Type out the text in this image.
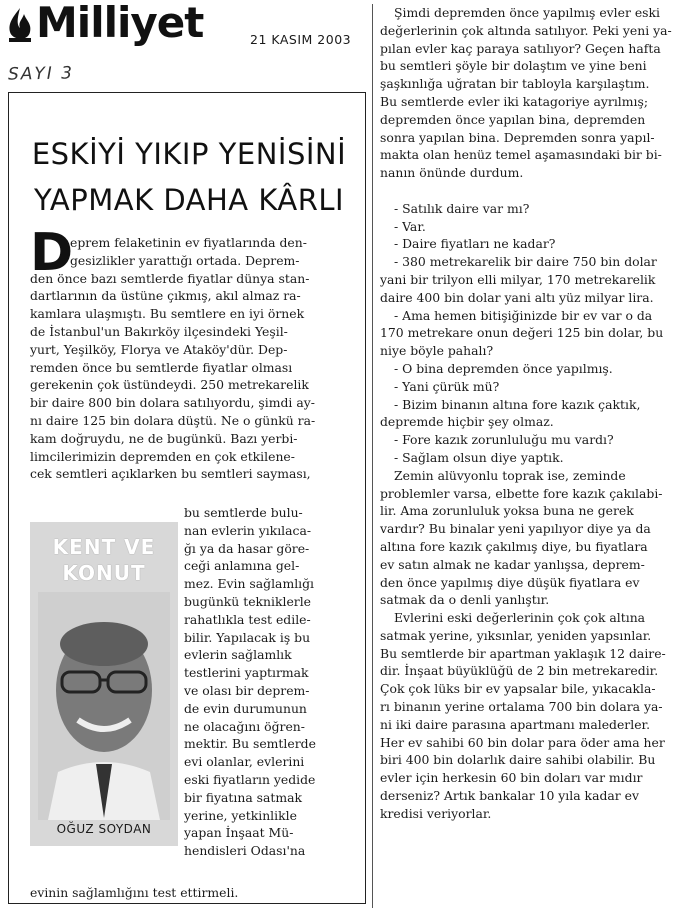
Milliyet	21 KASIM 2003
SAYI 3
ESKİYİ YIKIP YENİSİNİ
YAPMAK DAHA KÂRLI
D
eprem felaketinin ev fiyatlarında den-
gesizlikler yarattığı ortada. Deprem-
den önce bazı semtlerde fiyatlar dünya stan-
dartlarının da üstüne çıkmış, akıl almaz ra-
kamlara ulaşmıştı. Bu semtlere en iyi örnek
de İstanbul'un Bakırköy ilçesindeki Yeşil-
yurt, Yeşilköy, Florya ve Ataköy'dür. Dep-
remden önce bu semtlerde fiyatlar olması
gerekenin çok üstündeydi. 250 metrekarelik
bir daire 800 bin dolara satılıyordu, şimdi ay-
nı daire 125 bin dolara düştü. Ne o günkü ra-
kam doğruydu, ne de bugünkü. Bazı yerbi-
limcilerimizin depremden en çok etkilene-
cek semtleri açıklarken bu semtleri sayması,
KENT VE
KONUT
OĞUZ SOYDAN
bu semtlerde bulu-
nan evlerin yıkılaca-
ğı ya da hasar göre-
ceği anlamına gel-
mez. Evin sağlamlığı
bugünkü tekniklerle
rahatlıkla test edile-
bilir. Yapılacak iş bu
evlerin sağlamlık
testlerini yaptırmak
ve olası bir deprem-
de evin durumunun
ne olacağını öğren-
mektir. Bu semtlerde
evi olanlar, evlerini
eski fiyatların yedide
bir fiyatına satmak
yerine, yetkinlikle
yapan İnşaat Mü-
hendisleri Odası'na
evinin sağlamlığını test ettirmeli.
Şimdi depremden önce yapılmış evler eski
değerlerinin çok altında satılıyor. Peki yeni ya-
pılan evler kaç paraya satılıyor? Geçen hafta
bu semtleri şöyle bir dolaştım ve yine beni
şaşkınlığa uğratan bir tabloyla karşılaştım.
Bu semtlerde evler iki katagoriye ayrılmış;
depremden önce yapılan bina, depremden
sonra yapılan bina. Depremden sonra yapıl-
makta olan henüz temel aşamasındaki bir bi-
nanın önünde durdum.

- Satılık daire var mı?
- Var.
- Daire fiyatları ne kadar?
- 380 metrekarelik bir daire 750 bin dolar
yani bir trilyon elli milyar, 170 metrekarelik
daire 400 bin dolar yani altı yüz milyar lira.
- Ama hemen bitişiğinizde bir ev var o da
170 metrekare onun değeri 125 bin dolar, bu
niye böyle pahalı?
- O bina depremden önce yapılmış.
- Yani çürük mü?
- Bizim binanın altına fore kazık çaktık,
depremde hiçbir şey olmaz.
- Fore kazık zorunluluğu mu vardı?
- Sağlam olsun diye yaptık.
Zemin alüvyonlu toprak ise, zeminde
problemler varsa, elbette fore kazık çakılabi-
lir. Ama zorunluluk yoksa buna ne gerek
vardır? Bu binalar yeni yapılıyor diye ya da
altına fore kazık çakılmış diye, bu fiyatlara
ev satın almak ne kadar yanlışsa, deprem-
den önce yapılmış diye düşük fiyatlara ev
satmak da o denli yanlıştır.
Evlerini eski değerlerinin çok çok altına
satmak yerine, yıksınlar, yeniden yapsınlar.
Bu semtlerde bir apartman yaklaşık 12 daire-
dir. İnşaat büyüklüğü de 2 bin metrekaredir.
Çok çok lüks bir ev yapsalar bile, yıkacakla-
rı binanın yerine ortalama 700 bin dolara ya-
ni iki daire parasına apartmanı malederler.
Her ev sahibi 60 bin dolar para öder ama her
biri 400 bin dolarlık daire sahibi olabilir. Bu
evler için herkesin 60 bin doları var mıdır
derseniz? Artık bankalar 10 yıla kadar ev
kredisi veriyorlar.
